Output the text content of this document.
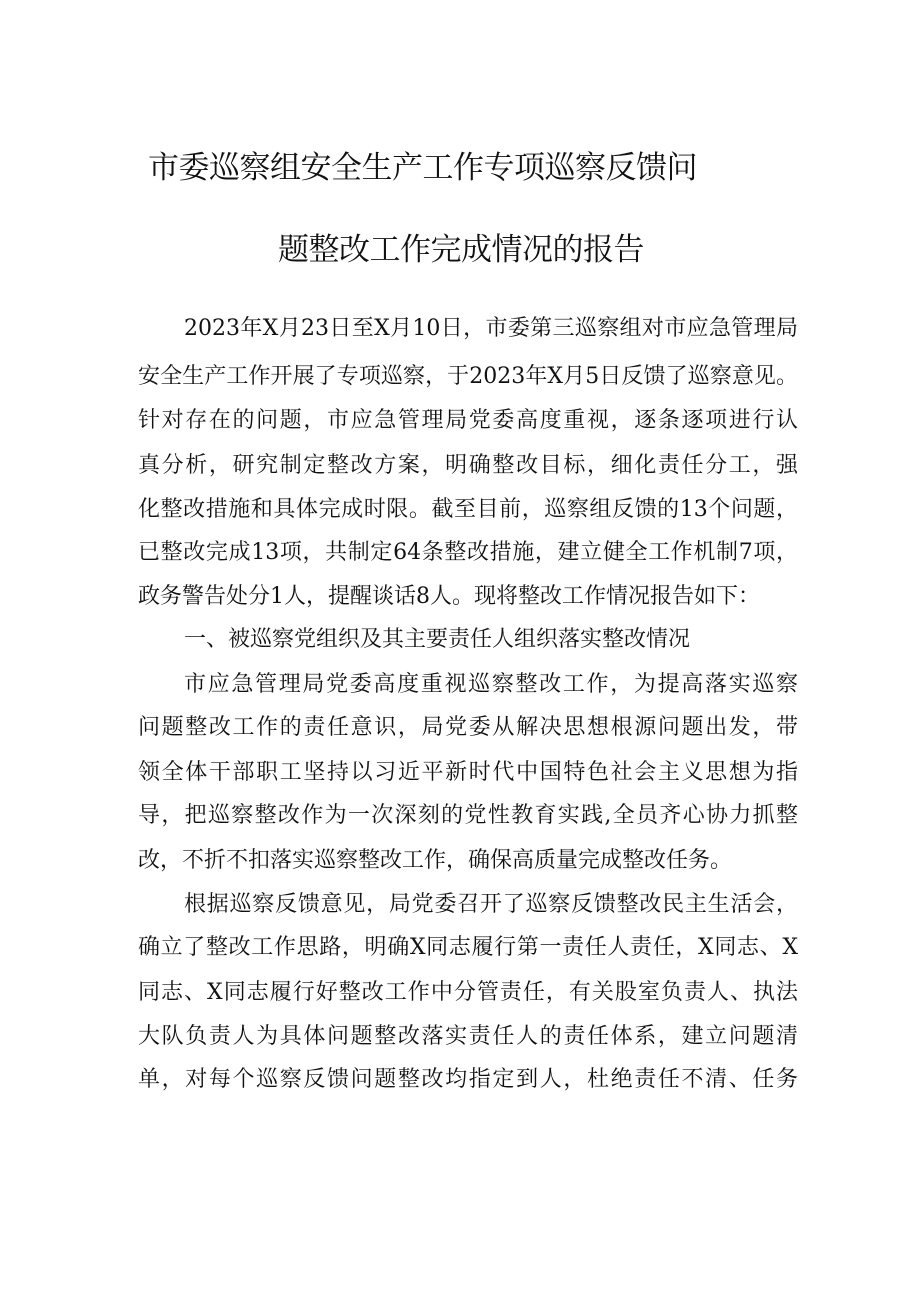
市委巡察组安全生产工作专项巡察反馈问
题整改工作完成情况的报告
2023年X月23日至X月10日，市委第三巡察组对市应急管理局
安全生产工作开展了专项巡察，于2023年X月5日反馈了巡察意见。
针对存在的问题，市应急管理局党委高度重视，逐条逐项进行认
真分析，研究制定整改方案，明确整改目标，细化责任分工，强
化整改措施和具体完成时限。截至目前，巡察组反馈的13个问题，
已整改完成13项，共制定64条整改措施，建立健全工作机制7项，
政务警告处分1人，提醒谈话8人。现将整改工作情况报告如下：
一、被巡察党组织及其主要责任人组织落实整改情况
市应急管理局党委高度重视巡察整改工作，为提高落实巡察
问题整改工作的责任意识，局党委从解决思想根源问题出发，带
领全体干部职工坚持以习近平新时代中国特色社会主义思想为指
导，把巡察整改作为一次深刻的党性教育实践,全员齐心协力抓整
改，不折不扣落实巡察整改工作，确保高质量完成整改任务。
根据巡察反馈意见，局党委召开了巡察反馈整改民主生活会，
确立了整改工作思路，明确X同志履行第一责任人责任，X同志、X
同志、X同志履行好整改工作中分管责任，有关股室负责人、执法
大队负责人为具体问题整改落实责任人的责任体系，建立问题清
单，对每个巡察反馈问题整改均指定到人，杜绝责任不清、任务
